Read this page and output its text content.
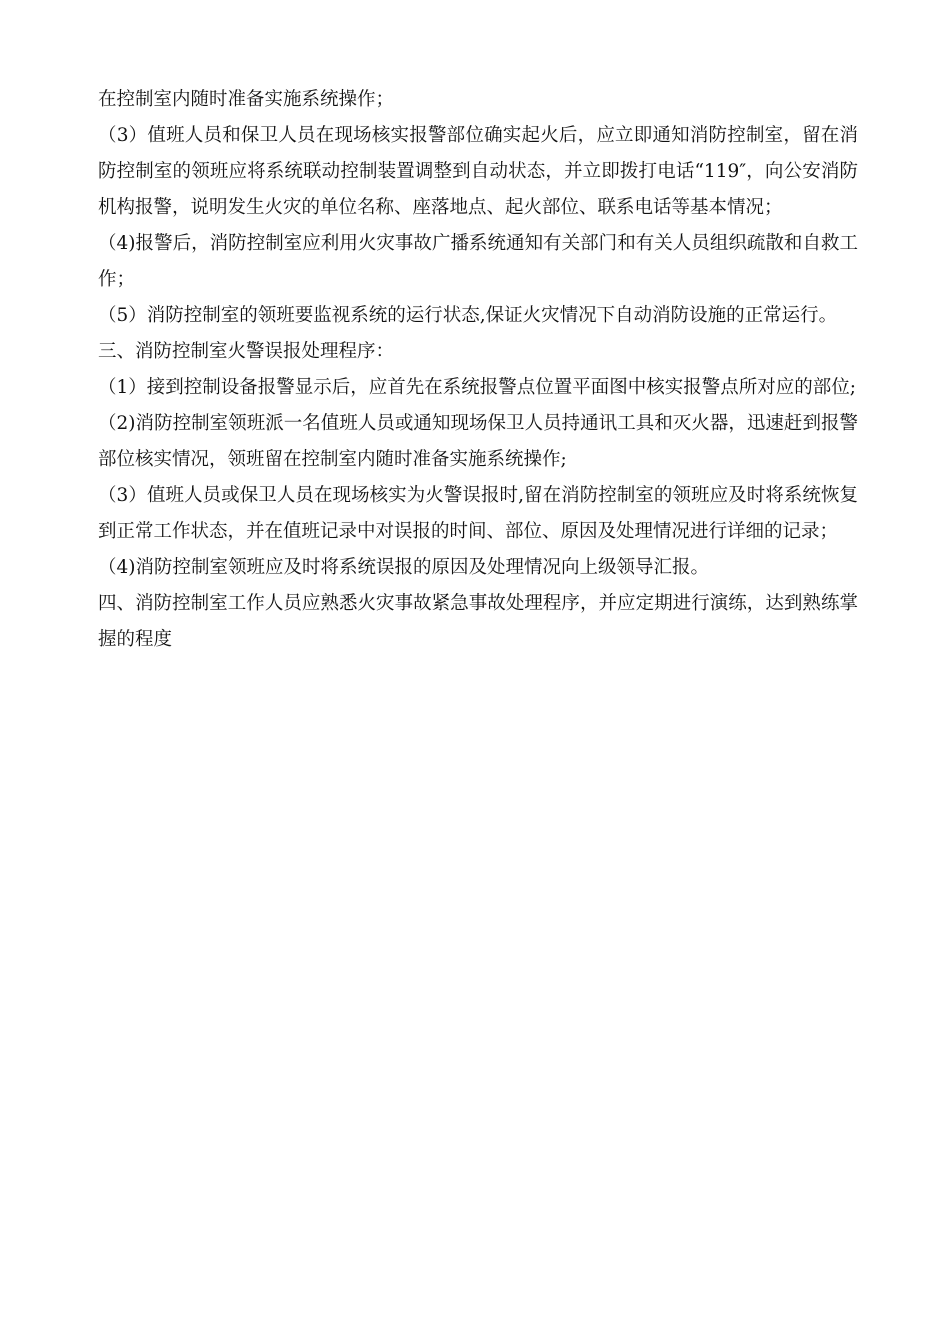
在控制室内随时准备实施系统操作；

（3）值班人员和保卫人员在现场核实报警部位确实起火后，应立即通知消防控制室，留在消防控制室的领班应将系统联动控制装置调整到自动状态，并立即拨打电话“119″，向公安消防机构报警，说明发生火灾的单位名称、座落地点、起火部位、联系电话等基本情况；

（4)报警后，消防控制室应利用火灾事故广播系统通知有关部门和有关人员组织疏散和自救工作；

（5）消防控制室的领班要监视系统的运行状态,保证火灾情况下自动消防设施的正常运行。

三、消防控制室火警误报处理程序：

（1）接到控制设备报警显示后，应首先在系统报警点位置平面图中核实报警点所对应的部位;

（2)消防控制室领班派一名值班人员或通知现场保卫人员持通讯工具和灭火器，迅速赶到报警部位核实情况，领班留在控制室内随时准备实施系统操作;

（3）值班人员或保卫人员在现场核实为火警误报时,留在消防控制室的领班应及时将系统恢复到正常工作状态，并在值班记录中对误报的时间、部位、原因及处理情况进行详细的记录；

（4)消防控制室领班应及时将系统误报的原因及处理情况向上级领导汇报。

四、消防控制室工作人员应熟悉火灾事故紧急事故处理程序，并应定期进行演练，达到熟练掌握的程度
